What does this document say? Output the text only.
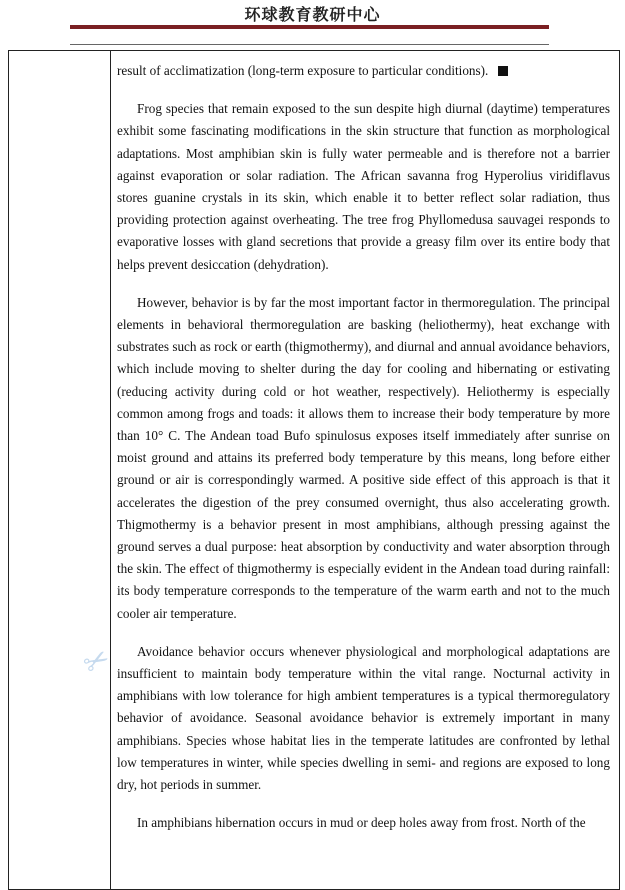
环球教育教研中心
✂

result of acclimatization (long-term exposure to particular conditions).

Frog species that remain exposed to the sun despite high diurnal (daytime) temperatures exhibit some fascinating modifications in the skin structure that function as morphological adaptations. Most amphibian skin is fully water permeable and is therefore not a barrier against evaporation or solar radiation. The African savanna frog Hyperolius viridiflavus stores guanine crystals in its skin, which enable it to better reflect solar radiation, thus providing protection against overheating. The tree frog Phyllomedusa sauvagei responds to evaporative losses with gland secretions that provide a greasy film over its entire body that helps prevent desiccation (dehydration).

However, behavior is by far the most important factor in thermoregulation. The principal elements in behavioral thermoregulation are basking (heliothermy), heat exchange with substrates such as rock or earth (thigmothermy), and diurnal and annual avoidance behaviors, which include moving to shelter during the day for cooling and hibernating or estivating (reducing activity during cold or hot weather, respectively). Heliothermy is especially common among frogs and toads: it allows them to increase their body temperature by more than 10° C. The Andean toad Bufo spinulosus exposes itself immediately after sunrise on moist ground and attains its preferred body temperature by this means, long before either ground or air is correspondingly warmed. A positive side effect of this approach is that it accelerates the digestion of the prey consumed overnight, thus also accelerating growth. Thigmothermy is a behavior present in most amphibians, although pressing against the ground serves a dual purpose: heat absorption by conductivity and water absorption through the skin. The effect of thigmothermy is especially evident in the Andean toad during rainfall: its body temperature corresponds to the temperature of the warm earth and not to the much cooler air temperature.

Avoidance behavior occurs whenever physiological and morphological adaptations are insufficient to maintain body temperature within the vital range. Nocturnal activity in amphibians with low tolerance for high ambient temperatures is a typical thermoregulatory behavior of avoidance. Seasonal avoidance behavior is extremely important in many amphibians. Species whose habitat lies in the temperate latitudes are confronted by lethal low temperatures in winter, while species dwelling in semi- and regions are exposed to long dry, hot periods in summer.

In amphibians hibernation occurs in mud or deep holes away from frost. North of the
